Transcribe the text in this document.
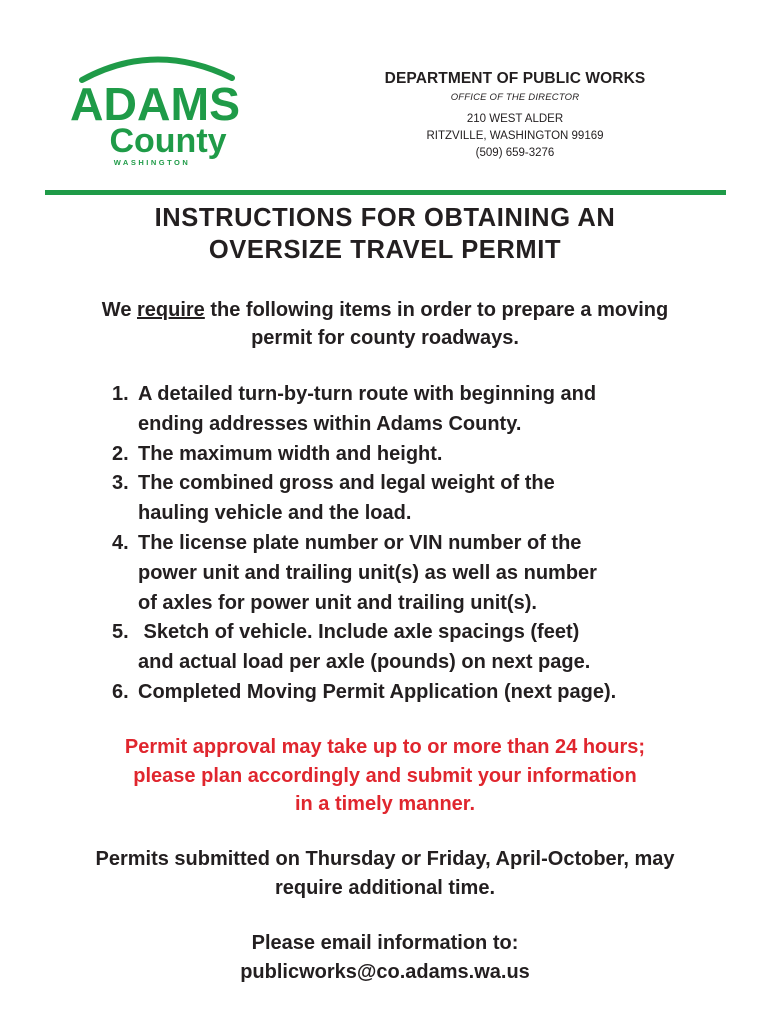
ADAMS
County
WASHINGTON
DEPARTMENT OF PUBLIC WORKS
OFFICE OF THE DIRECTOR
210 WEST ALDER
RITZVILLE, WASHINGTON 99169
(509) 659-3276
INSTRUCTIONS FOR OBTAINING AN
OVERSIZE TRAVEL PERMIT
We require the following items in order to prepare a moving
permit for county roadways.
1. A detailed turn-by-turn route with beginning and
ending addresses within Adams County.
2. The maximum width and height.
3. The combined gross and legal weight of the
hauling vehicle and the load.
4. The license plate number or VIN number of the
power unit and trailing unit(s) as well as number
of axles for power unit and trailing unit(s).
5. Sketch of vehicle. Include axle spacings (feet)
and actual load per axle (pounds) on next page.
6. Completed Moving Permit Application (next page).
Permit approval may take up to or more than 24 hours;
please plan accordingly and submit your information
in a timely manner.
Permits submitted on Thursday or Friday, April-October, may
require additional time.
Please email information to:
publicworks@co.adams.wa.us
